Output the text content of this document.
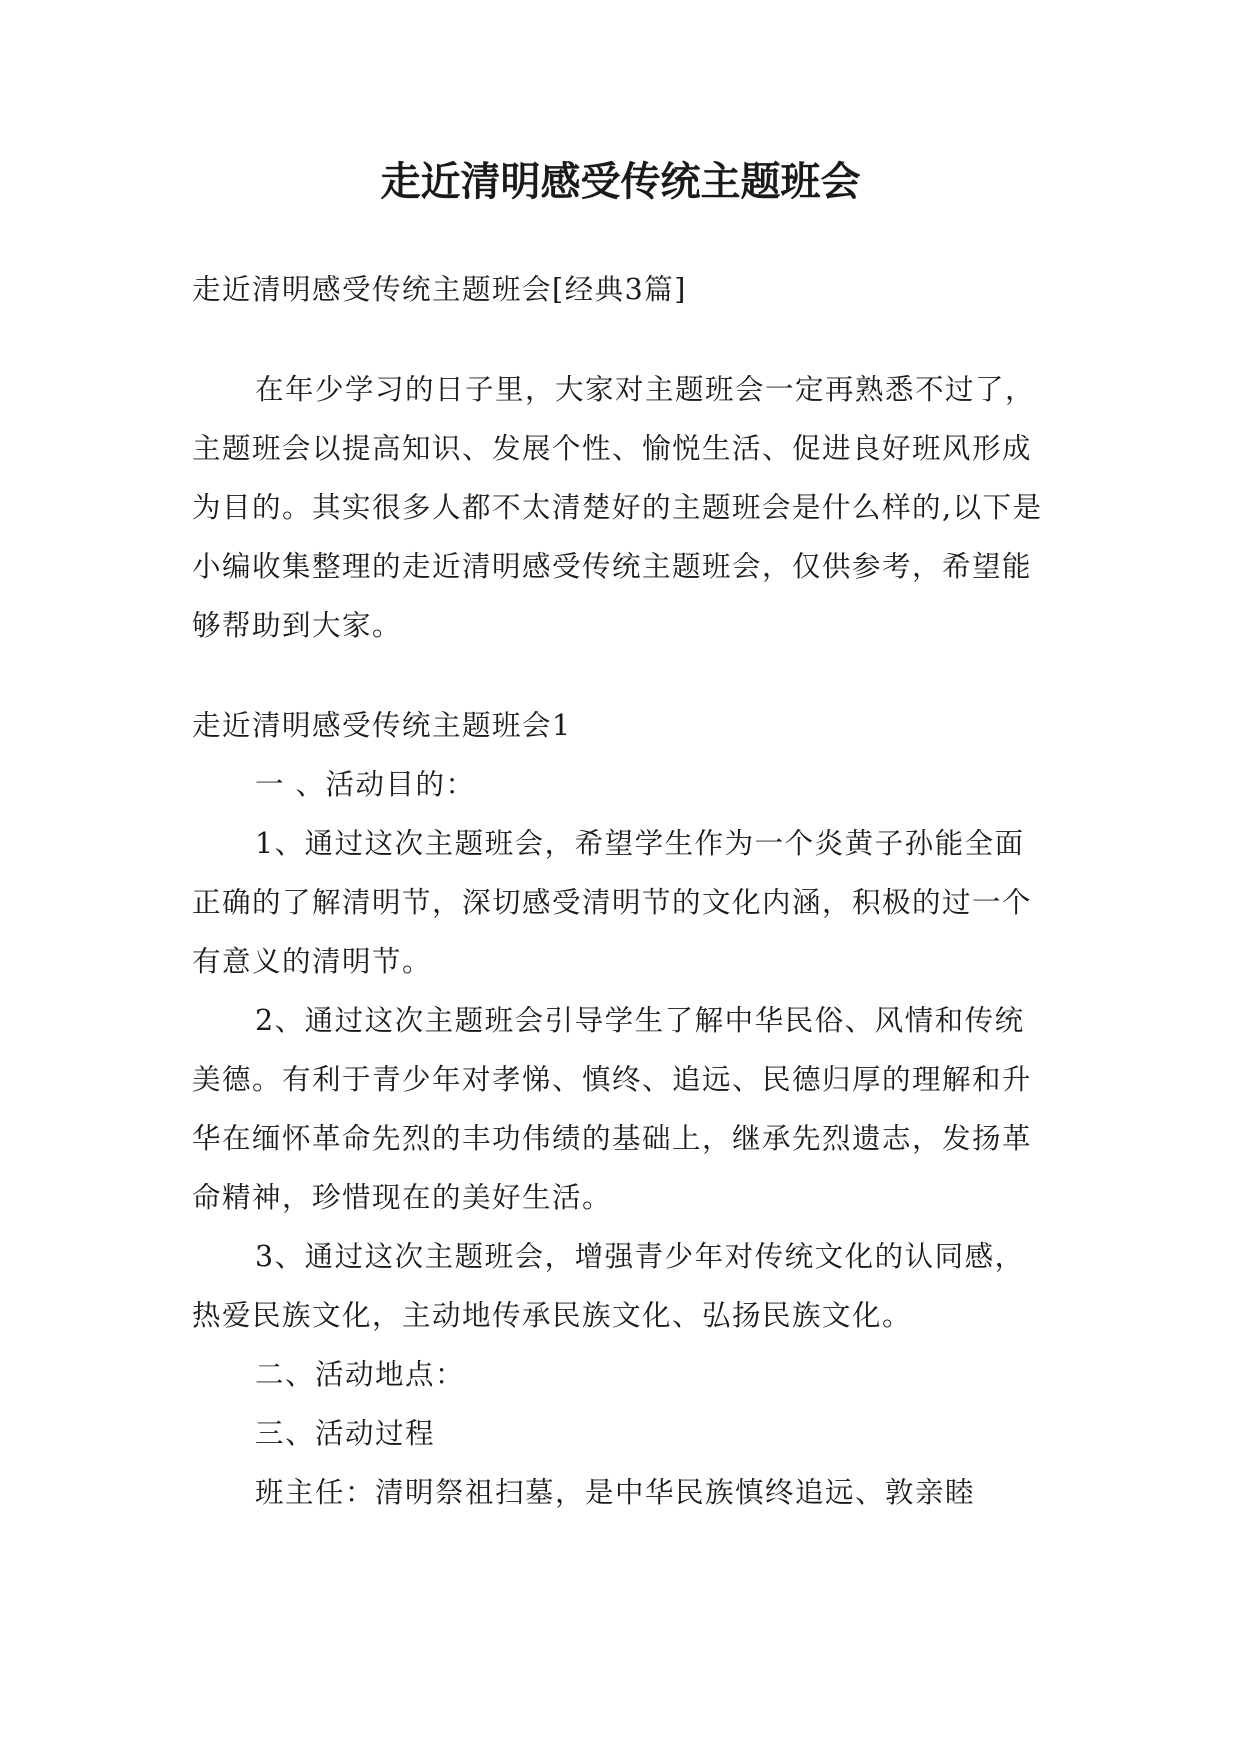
走近清明感受传统主题班会

走近清明感受传统主题班会[经典3篇]

在年少学习的日子里，大家对主题班会一定再熟悉不过了，主题班会以提高知识、发展个性、愉悦生活、促进良好班风形成为目的。其实很多人都不太清楚好的主题班会是什么样的,以下是小编收集整理的走近清明感受传统主题班会，仅供参考，希望能够帮助到大家。

走近清明感受传统主题班会1

一 、活动目的：

1、通过这次主题班会，希望学生作为一个炎黄子孙能全面正确的了解清明节，深切感受清明节的文化内涵，积极的过一个有意义的清明节。

2、通过这次主题班会引导学生了解中华民俗、风情和传统美德。有利于青少年对孝悌、慎终、追远、民德归厚的理解和升华在缅怀革命先烈的丰功伟绩的基础上，继承先烈遗志，发扬革命精神，珍惜现在的美好生活。

3、通过这次主题班会，增强青少年对传统文化的认同感，热爱民族文化，主动地传承民族文化、弘扬民族文化。

二、活动地点：

三、活动过程

班主任：清明祭祖扫墓，是中华民族慎终追远、敦亲睦
